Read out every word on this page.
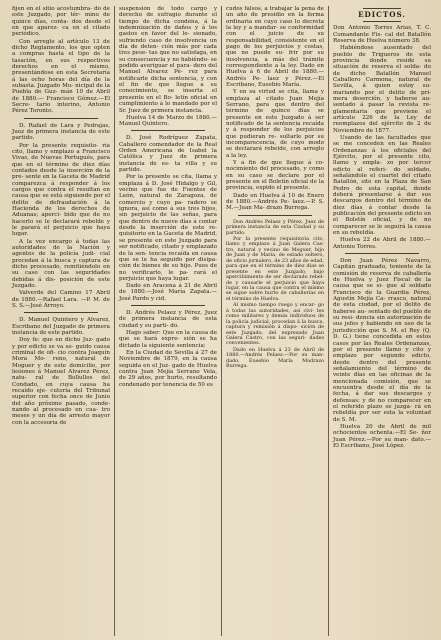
fijen en el sitio acostumbra- do de este Juzgado, por tér- mino de quince días, conta- dos desde el en que aparez- ca en el citado periódico.

Con arreglo al artículo 13 de dicho Reglamento, los que opten a compras hasta el tipo de la tasación, en sus respectivos derechos en el mismo, presentándose en esta Secretaría á las ocho horas del día de la subasta. Juzgado Mu- nicipal de la Puebla de Guz- mán 10 de Abril de 1880.— Francisco Gómez.—El Secre- tario interino, Antonio Pérez Toronto.

D. Rafael de Lara y Pedrajas, Juez de primera instancia de este partido.

Por la presente requisito- ria cito, llamo y emplazo a Francisco Vivas, de Nuevas Portugués, para que en el término de diez días contados desde la inserción de la pre- sente en la Gaceta de Madrid comparezca á responder á los cargos que contra él resultan en causa que se está siguiendo por el delito de defraudación á la Hacienda de los derechos de Aduanas; aperci- bido que de no hacerlo se le declarará rebelde y le parará el perjuicio que haya lugar.

A la vez encargo á todas las autoridades de la Nación y agentes de la policía judi- cial procedan á la busca y captura de dicho procesado, remitiéndolo en su caso con las seguridades debidas á dis- posición de este Juzgado.

Valverde del Camino 17 Abril de 1880.—Rafael Lara. —P. M. de S. S.—José Arroyo.

D. Manuel Quintero y Alvarez, Escribano del Juzgado de primera instancia de este partido.

Doy fe: que en dicho Juz- gado y por edicto se va se- guido causa criminal de ofi- cio contra Joaquín Mora Mo- reno, natural de Moguer y de este domicilio, por lesiones á Manuel Alvarez Pérez, natu- ral de Bollullos del Condado, en cuya causa ha recaído eje- cutoria del Tribunal superior con fecha once de Junio del año próximo pasado, conde- nando al procesado en cua- tro meses y un día de arresto mayor con la accesoria de

suspensión de todo cargo y derecho de sufragio durante el tiempo de dicha condena, á la indemnización de daños y á los gastos en favor del le- sionado, sufriendo caso de insolvencia un día de deten- ción más por cada tres pese- tas que no satisfaga, en su consecuencia y no habiéndo- se podido averiguar el para- dero del Manuel Alvarez Pé- rez para notificarle dicha sentencia, y con el fin de que llegue a su conocimiento, se inserta el presente en el Bo- letín oficial en cumplimiento á lo mandado por el Sr. Juez de primera instancia.

Huelva 14 de Marzo de 1880.—Manuel Quintero.

D. José Rodríguez Zapata, Caballero comendador de la Real Orden Americana de Isabel la Católica y Juez de primera instancia de es- ta villa y su partido.

Por la presente se cita, llama y emplaza á D. José Hidalgo y Gil, vecino que fue de Fuentes de León, natural de Zaragoza, de comercio y cuyo pa- radero se ignora, así como á sus tres hijos, sin perjuicio de las señas, para que dentro de nueve días á contar desde la inserción de este re- quisitorio en la Gaceta de Madrid, se presente en este Juzgado para ser notificado, citado y emplazado de la sen- tencia recaída en causa que se le ha seguido por disipa- ción de bienes de su hijo. Pues de no verificarlo, le pa- rará el perjuicio que haya lugar.

Dado en Aracena á 21 de Abril de 1880.—José María Zapata.—José Pardo y cid.

D. Andrés Pelaez y Pérez, Juez de primera instancia de esta ciudad y su parti- do.

Hago saber: Que en la causa de que se hará expre- sión se ha dictado la siguiente sentencia:

En la Ciudad de Sevilla á 27 de Noviembre de 1879, en la causa seguida en el Juz- gado de Huelva contra Juan Mejía Serrano Vela, de 29 años, por hurto, resultando condenado por tenencia de 50 es

cudos falsos, a trabajar la pena de un año de presidio en la forma ordinaria en cuyo caso lo decreta la ley y a mandar- se conformidad con el juicio de su responsabilidad, consistente en el pago de los perjuicios y costas, que no puede su- frir por su insolvencia, a más del trámite correspondiente a la ley. Dado en Huelva á 6 de Abril de 1880.—Andrés Pe- laez y Pérez.—El Escribano, Eusebio María.

Y en su virtud se cita, llama y emplaza al citado Juan Mejía Serrano, para que dentro del término de quince días se presente en este Juzgado á ser notificado de la sentencia recaída y á responder de los perjuicios que pudieran re- sultarle por su incomparecencia, de cuyo modo se declarará rebelde, con arreglo a la ley.

Y a fin de que llegue á co- nocimiento del procesado, y como en su caso se declare por el presente en el Boletín oficial de la provincia, expido el presente.

Dado en Huelva á 10 de Enero de 1880.—Andrés Pe- laez.—P. S. M.—Juan Ma- drazo Burrega.

Don Andrés Pelaez y Pérez, Juez de primera instancia de esta Ciudad y su partido.

Por la presente requisitoria cito, llamo y emplazo á Juan Galera Cas- tro, natural y vecino de Moguer, hijo de Juan y de María, de estado soltero, de oficio jornalero, de 23 años de edad, para que en el término de diez días se presente en este Juzgado, bajo apercibimiento de ser declarado rebel- de y causarle el perjuicio que haya lugar, en la causa que contra el mismo se sigue sobre hurto de caballerías en el término de Huelva.

Al mismo tiempo ruego y encar- go á todas las autoridades, así civi- les como militares y demás individuos de la policía judicial, procedan á la busca, captura y remisión á dispo- sición de este Juzgado, del expresado Juan Galera Castro, con las seguri- dades convenientes.

Dado en Huelva á 23 de Abril de 1880.—Andrés Pelaez.—Por su man- dado, Eusebio María Madrazo Burrega.

EDICTOS.

Don Antonio Torres Arias, T. C. Comandante Fis- cal del Batallón Reserva de Huelva número 38.

Habiéndose ausentado del pueblo de Trigueros de esta provincia donde reside su situación de reserva el solda- do de dicho Batallón Manuel Caballero Carmona, natural de Sevilla, á quien estoy su- mariando por el delito de pri- mera deserción, y haberse au- sentado á pasar la revista re- glamentaria que previene el artículo 226 de la Ley de reemplazos del ejército de 2 de Noviembre de 1877.

Usando de las facultades que se me conceden en las Reales Ordenanzas á los oficiales del Ejército, por el presente cito, llamo y empla- zo por tercer edicto al referi- do soldado, señalándole el cuartel del citado Batallón, sito en la Plaza de San Pedro de esta capital, donde deberá presentarse á dar sus descargos dentro del término de diez días á contar desde la publicación del presente edicto en el Boletín oficial, y de no comparecer se le seguirá la causa en su rebeldía.

Huelva 22 de Abril de 1880.—Antonio Torres.

Don Juan Pérez Navarro, Capitán graduado, teniente de la comisión de reserva de caballería de Huelva y Juez Fiscal de la causa que se si- gue al soldado Francisco de la Guardia Pérez, Agustín Mejía Ca- rrasco, natural de esta ciudad, por el delito de haberse au- sentado del pueblo de su resi- dencia sin autorización de sus jefes y habiendo en uso de la jurisdicción que S. M. el Rey (Q. D. G.) tiene concedida en estos casos por las Reales Ordenanzas, por el presente llamo y cito y emplazo por segundo edicto, desde dentro del presente señalamiento del término de veinte días en las oficinas de la mencionada comisión, que se encuentra desde el día de la fecha, á dar sus descargos y defensas; y de no comparecer en el referido plazo se juzga- rá en rebeldía por ser esta la voluntad de S. M.

Huelva 20 de Abril de mil ochocientos ochenta.—El Se- ñor Juan Pérez.—Por su man- dato.—El Escribano, José López.
